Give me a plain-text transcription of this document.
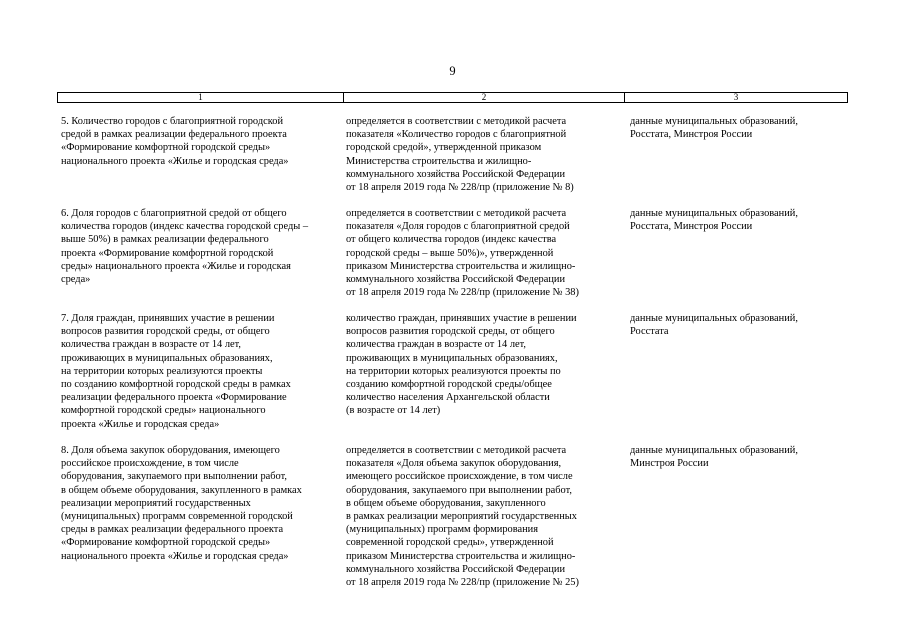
9
1	2	3
5. Количество городов с благоприятной городской
средой в рамках реализации федерального проекта
«Формирование комфортной городской среды»
национального проекта «Жилье и городская среда»
определяется в соответствии с методикой расчета
показателя «Количество городов с благоприятной
городской средой», утвержденной приказом
Министерства строительства и жилищно-
коммунального хозяйства Российской Федерации
от 18 апреля 2019 года № 228/пр (приложение № 8)
данные муниципальных образований,
Росстата, Минстроя России
6. Доля городов с благоприятной средой от общего
количества городов (индекс качества городской среды –
выше 50%) в рамках реализации федерального
проекта «Формирование комфортной городской
среды» национального проекта «Жилье и городская
среда»
определяется в соответствии с методикой расчета
показателя «Доля городов с благоприятной средой
от общего количества городов (индекс качества
городской среды – выше 50%)», утвержденной
приказом Министерства строительства и жилищно-
коммунального хозяйства Российской Федерации
от 18 апреля 2019 года № 228/пр (приложение № 38)
данные муниципальных образований,
Росстата, Минстроя России
7. Доля граждан, принявших участие в решении
вопросов развития городской среды, от общего
количества граждан в возрасте от 14 лет,
проживающих в муниципальных образованиях,
на территории которых реализуются проекты
по созданию комфортной городской среды в рамках
реализации федерального проекта «Формирование
комфортной городской среды» национального
проекта «Жилье и городская среда»
количество граждан, принявших участие в решении
вопросов развития городской среды, от общего
количества граждан в возрасте от 14 лет,
проживающих в муниципальных образованиях,
на территории которых реализуются проекты по
созданию комфортной городской среды/общее
количество населения Архангельской области
(в возрасте от 14 лет)
данные муниципальных образований,
Росстата
8. Доля объема закупок оборудования, имеющего
российское происхождение, в том числе
оборудования, закупаемого при выполнении работ,
в общем объеме оборудования, закупленного в рамках
реализации мероприятий государственных
(муниципальных) программ современной городской
среды в рамках реализации федерального проекта
«Формирование комфортной городской среды»
национального проекта «Жилье и городская среда»
определяется в соответствии с методикой расчета
показателя «Доля объема закупок оборудования,
имеющего российское происхождение, в том числе
оборудования, закупаемого при выполнении работ,
в общем объеме оборудования, закупленного
в рамках реализации мероприятий государственных
(муниципальных) программ формирования
современной городской среды», утвержденной
приказом Министерства строительства и жилищно-
коммунального хозяйства Российской Федерации
от 18 апреля 2019 года № 228/пр (приложение № 25)
данные муниципальных образований,
Минстроя России
